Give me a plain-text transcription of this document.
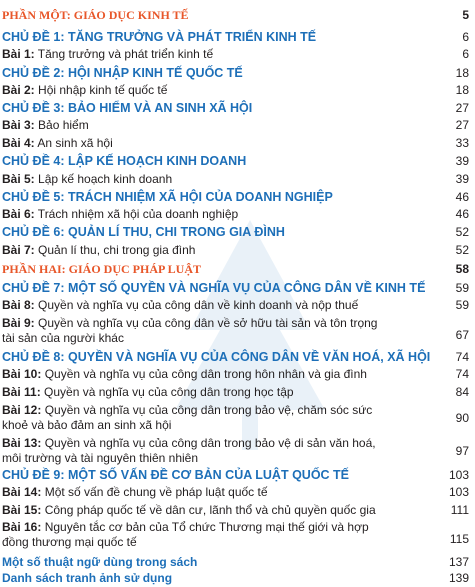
PHẦN MỘT: GIÁO DỤC KINH TẾ	5
CHỦ ĐỀ 1: TĂNG TRƯỞNG VÀ PHÁT TRIỂN KINH TẾ	6
Bài 1: Tăng trưởng và phát triển kinh tế	6
CHỦ ĐỀ 2: HỘI NHẬP KINH TẾ QUỐC TẾ	18
Bài 2: Hội nhập kinh tế quốc tế	18
CHỦ ĐỀ 3: BẢO HIỂM VÀ AN SINH XÃ HỘI	27
Bài 3: Bảo hiểm	27
Bài 4: An sinh xã hội	33
CHỦ ĐỀ 4: LẬP KẾ HOẠCH KINH DOANH	39
Bài 5: Lập kế hoạch kinh doanh	39
CHỦ ĐỀ 5: TRÁCH NHIỆM XÃ HỘI CỦA DOANH NGHIỆP	46
Bài 6: Trách nhiệm xã hội của doanh nghiệp	46
CHỦ ĐỀ 6: QUẢN LÍ THU, CHI TRONG GIA ĐÌNH	52
Bài 7: Quản lí thu, chi trong gia đình	52
PHẦN HAI: GIÁO DỤC PHÁP LUẬT	58
CHỦ ĐỀ 7: MỘT SỐ QUYỀN VÀ NGHĨA VỤ CỦA CÔNG DÂN VỀ KINH TẾ	59
Bài 8: Quyền và nghĩa vụ của công dân về kinh doanh và nộp thuế	59
Bài 9: Quyền và nghĩa vụ của công dân về sở hữu tài sản và tôn trọng tài sản của người khác	67
CHỦ ĐỀ 8: QUYỀN VÀ NGHĨA VỤ CỦA CÔNG DÂN VỀ VĂN HOÁ, XÃ HỘI	74
Bài 10: Quyền và nghĩa vụ của công dân trong hôn nhân và gia đình	74
Bài 11: Quyền và nghĩa vụ của công dân trong học tập	84
Bài 12: Quyền và nghĩa vụ của công dân trong bảo vệ, chăm sóc sức khoẻ và bảo đảm an sinh xã hội	90
Bài 13: Quyền và nghĩa vụ của công dân trong bảo vệ di sản văn hoá, môi trường và tài nguyên thiên nhiên	97
CHỦ ĐỀ 9: MỘT SỐ VẤN ĐỀ CƠ BẢN CỦA LUẬT QUỐC TẾ	103
Bài 14: Một số vấn đề chung về pháp luật quốc tế	103
Bài 15: Công pháp quốc tế về dân cư, lãnh thổ và chủ quyền quốc gia	111
Bài 16: Nguyên tắc cơ bản của Tổ chức Thương mại thế giới và hợp đồng thương mại quốc tế	115
Một số thuật ngữ dùng trong sách	137
Danh sách tranh ảnh sử dụng	139
